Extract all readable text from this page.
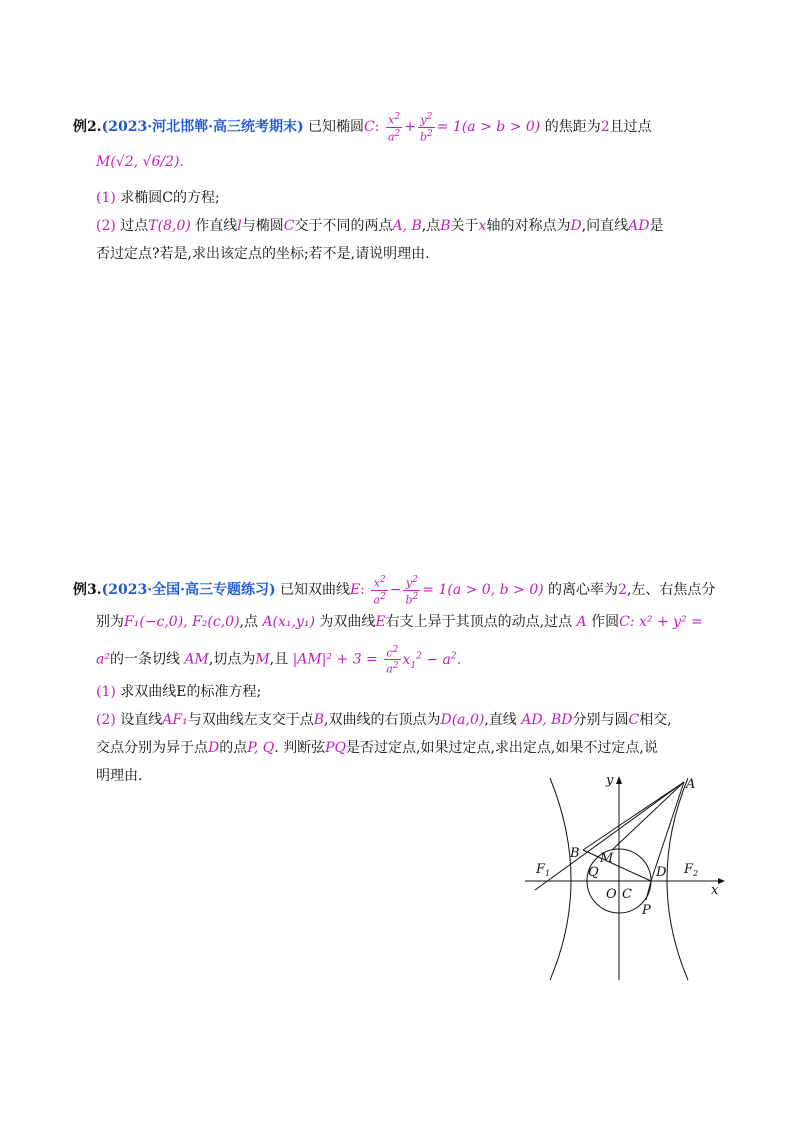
例2.(2023·河北邯郸·高三统考期末) 已知椭圆C: $\frac{x^2}{a^2} + \frac{y^2}{b^2} = 1(a > b > 0)$ 的焦距为2且过点
M(√2, √6/2).
(1) 求椭圆C的方程;
(2) 过点T(8,0) 作直线l与椭圆C交于不同的两点A, B,点B关于x轴的对称点为D,问直线AD是
否过定点?若是,求出该定点的坐标;若不是,请说明理由.
例3.(2023·全国·高三专题练习) 已知双曲线E: $\frac{x^2}{a^2} - \frac{y^2}{b^2} = 1(a > 0$, b > 0) 的离心率为2,左、右焦点分
别为F₁(−c,0), F₂(c,0),点 A(x₁,y₁) 为双曲线E右支上异于其顶点的动点,过点 A 作圆C: x² + y² =
a²的一条切线 AM,切点为M,且 $|AM|^2 + 3 = \frac{c^2}{a^2} x_1^2 - a^2$.
(1) 求双曲线E的标准方程;
(2) 设直线AF₁与双曲线左支交于点B,双曲线的右顶点为D(a,0),直线 AD, BD分别与圆C相交,
交点分别为异于点D的点P, Q. 判断弦PQ是否过定点,如果过定点,求出定点,如果不过定点,说
明理由.	y	A
B M
$F_1$	Q
O C
D $F_2$
x
P
